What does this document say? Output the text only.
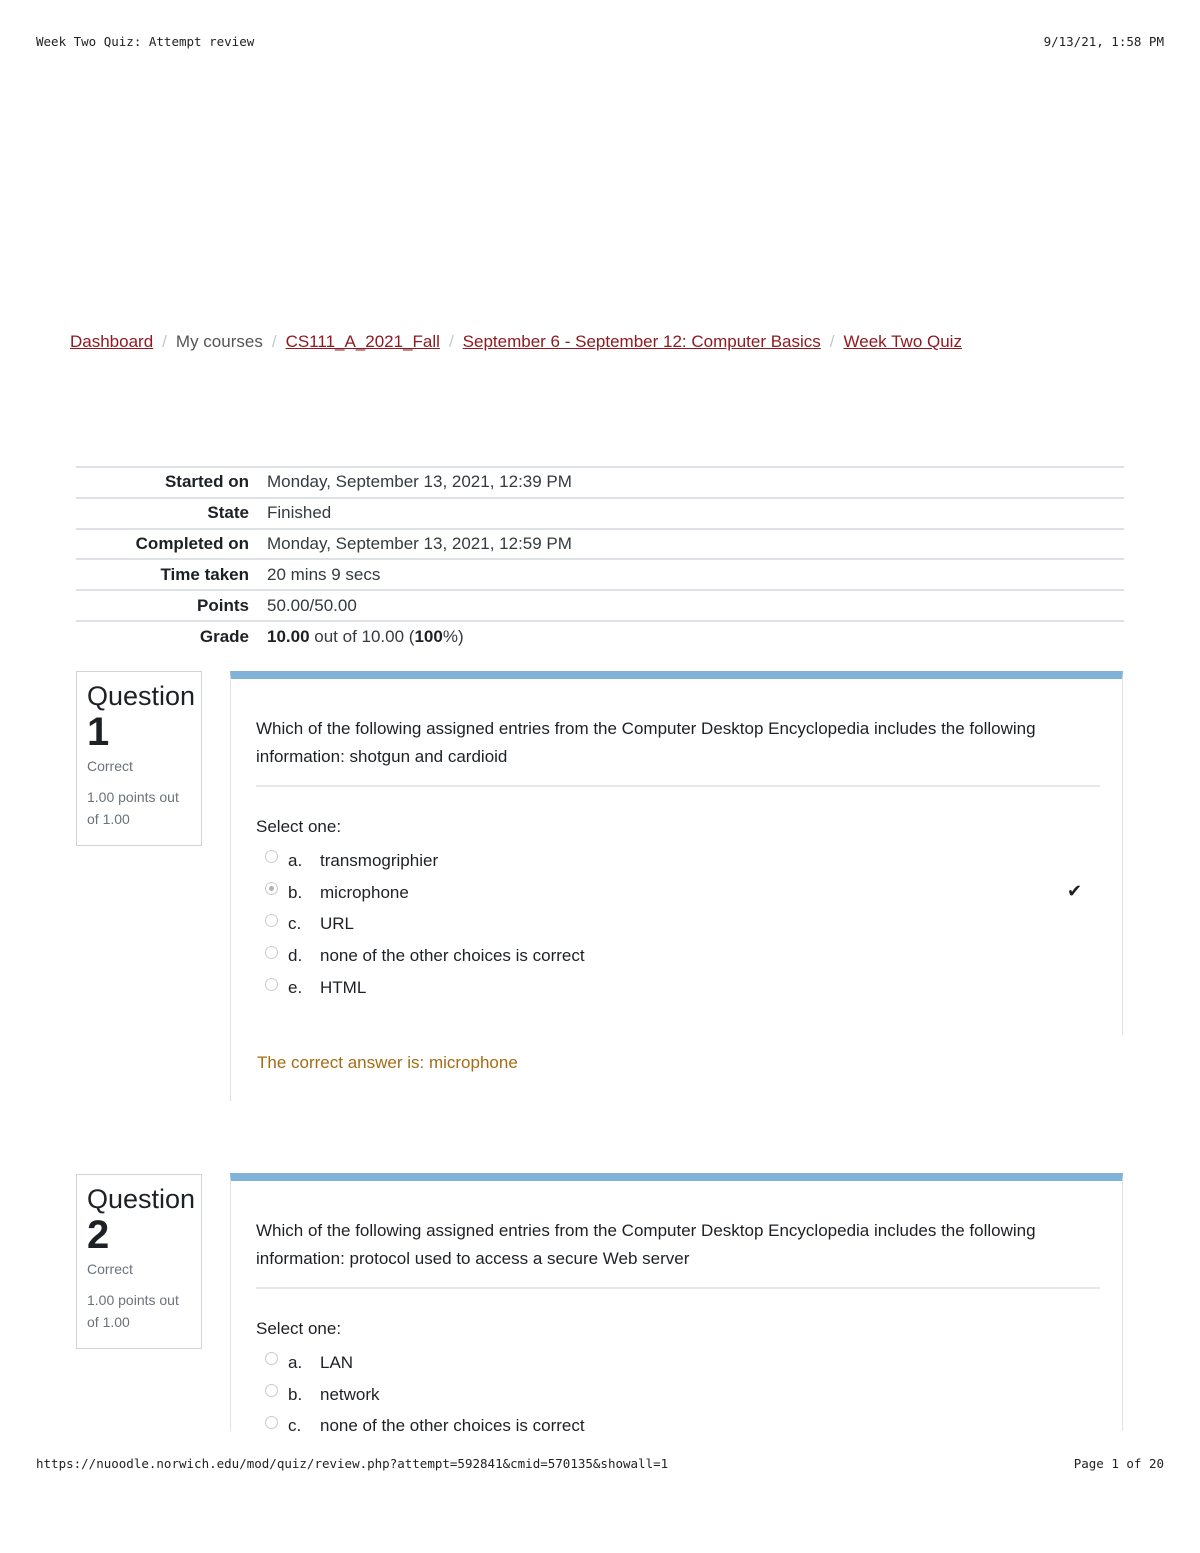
Week Two Quiz: Attempt review	9/13/21, 1:58 PM
Dashboard / My courses / CS111_A_2021_Fall / September 6 - September 12: Computer Basics / Week Two Quiz
Started on	Monday, September 13, 2021, 12:39 PM
State	Finished
Completed on	Monday, September 13, 2021, 12:59 PM
Time taken	20 mins 9 secs
Points	50.00/50.00
Grade	10.00 out of 10.00 (100%)
Question
1
Correct
1.00 points out of 1.00
Which of the following assigned entries from the Computer Desktop Encyclopedia includes the following information: shotgun and cardioid
Select one:
a.	transmogriphier
b.	microphone	✔
c.	URL
d.	none of the other choices is correct
e.	HTML
The correct answer is: microphone
Question
2
Correct
1.00 points out of 1.00
Which of the following assigned entries from the Computer Desktop Encyclopedia includes the following information: protocol used to access a secure Web server
Select one:
a.	LAN
b.	network
c.	none of the other choices is correct
https://nuoodle.norwich.edu/mod/quiz/review.php?attempt=592841&cmid=570135&showall=1	Page 1 of 20
